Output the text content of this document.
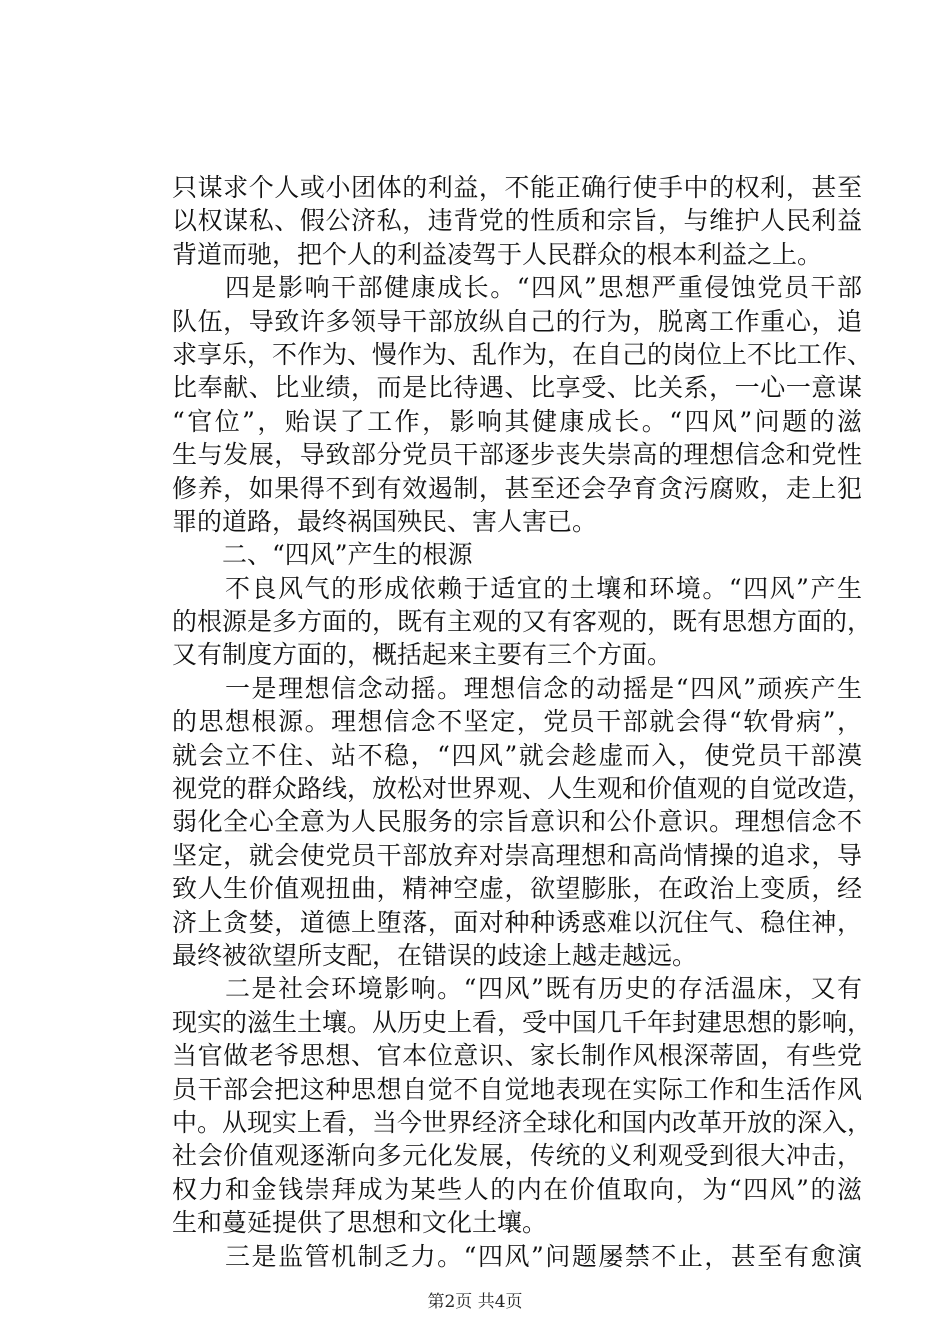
只谋求个人或小团体的利益，不能正确行使手中的权利，甚至
以权谋私、假公济私，违背党的性质和宗旨，与维护人民利益
背道而驰，把个人的利益凌驾于人民群众的根本利益之上。
　　四是影响干部健康成长。“四风”思想严重侵蚀党员干部
队伍，导致许多领导干部放纵自己的行为，脱离工作重心，追
求享乐，不作为、慢作为、乱作为，在自己的岗位上不比工作、
比奉献、比业绩，而是比待遇、比享受、比关系，一心一意谋
“官位”，贻误了工作，影响其健康成长。“四风”问题的滋
生与发展，导致部分党员干部逐步丧失崇高的理想信念和党性
修养，如果得不到有效遏制，甚至还会孕育贪污腐败，走上犯
罪的道路，最终祸国殃民、害人害已。
　　二、“四风”产生的根源
　　不良风气的形成依赖于适宜的土壤和环境。“四风”产生
的根源是多方面的，既有主观的又有客观的，既有思想方面的，
又有制度方面的，概括起来主要有三个方面。
　　一是理想信念动摇。理想信念的动摇是“四风”顽疾产生
的思想根源。理想信念不坚定，党员干部就会得“软骨病”，
就会立不住、站不稳，“四风”就会趁虚而入，使党员干部漠
视党的群众路线，放松对世界观、人生观和价值观的自觉改造，
弱化全心全意为人民服务的宗旨意识和公仆意识。理想信念不
坚定，就会使党员干部放弃对崇高理想和高尚情操的追求，导
致人生价值观扭曲，精神空虚，欲望膨胀，在政治上变质，经
济上贪婪，道德上堕落，面对种种诱惑难以沉住气、稳住神，
最终被欲望所支配，在错误的歧途上越走越远。
　　二是社会环境影响。“四风”既有历史的存活温床，又有
现实的滋生土壤。从历史上看，受中国几千年封建思想的影响，
当官做老爷思想、官本位意识、家长制作风根深蒂固，有些党
员干部会把这种思想自觉不自觉地表现在实际工作和生活作风
中。从现实上看，当今世界经济全球化和国内改革开放的深入，
社会价值观逐渐向多元化发展，传统的义利观受到很大冲击，
权力和金钱崇拜成为某些人的内在价值取向，为“四风”的滋
生和蔓延提供了思想和文化土壤。
　　三是监管机制乏力。“四风”问题屡禁不止，甚至有愈演
第2页 共4页
